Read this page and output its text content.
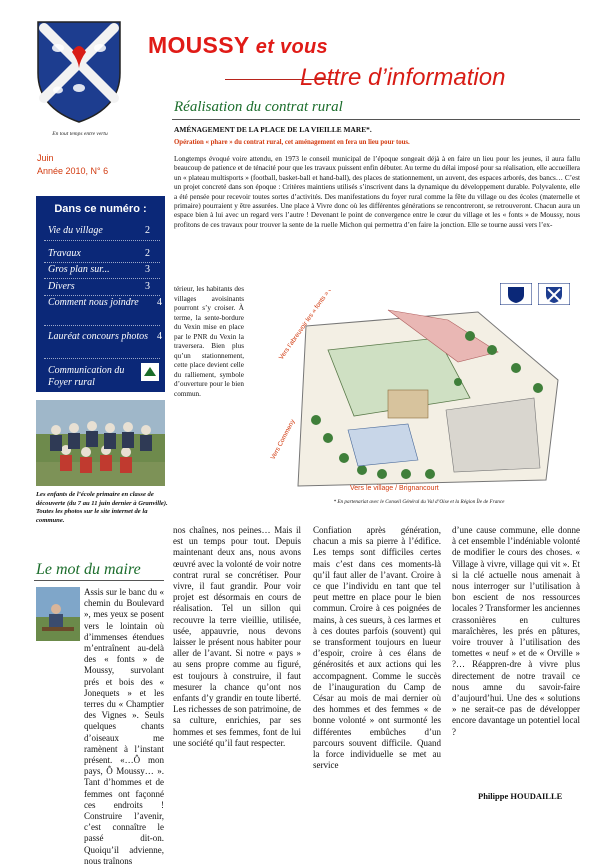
En tout temps entre vertu
MOUSSY et vous
Lettre d’information
Juin
Année 2010, N° 6
Dans ce numéro :
Vie du village	2
Travaux	2
Gros plan sur...	3
Divers	3
Comment nous joindre 4
Lauréat concours photos 4
Communication du Foyer rural
Les enfants de l’école primaire en classe de découverte (du 7 au 11 juin dernier à Granville). Toutes les photos sur le site internet de la commune.
Réalisation du contrat rural
AMÉNAGEMENT DE LA PLACE DE LA VIEILLE MARE*.
Opération « phare » du contrat rural, cet aménagement en fera un lieu pour tous.
Longtemps évoqué voire attendu, en 1973 le conseil municipal de l’époque songeait déjà à en faire un lieu pour les jeunes, il aura fallu beaucoup de patience et de ténacité pour que les travaux puissent enfin débuter. Au terme du délai imposé pour sa réalisation, elle accueillera un « plateau multisports » (football, basket-ball et hand-ball), des places de stationnement, un auvent, des espaces arborés, des bancs… C’est un projet concreté dans son époque : Critères maintiens utilisés s’inscrivent dans la dynamique du développement durable. Polyvalente, elle a été pensée pour recevoir toutes sortes d’activités. Des manifestations du foyer rural comme la fête du village ou des écoles (maternelle et primaire) pourraient y être assurées. Une place à Vivre donc où les différentes générations se rencontreront, se retrouveront. Chacun aura un espace bien à lui avec un regard vers l’autre ! Devenant le point de convergence entre le cœur du village et les « fonts » de Moussy, nous profitons de ces travaux pour trouver la sente de la ruelle Michon qui permettra d’en faire la jonction. Elle se tourne aussi vers l’ex-
térieur, les habitants des villages avoisinants pourront s’y croiser. À terme, la sente-bordure du Vexin mise en place par le PNR du Vexin la traversera. Bien plus qu’un stationnement, cette place devient celle du ralliement, symbole d’ouverture pour le bien commun.
Vers l’abreuvoir les « fonts »
Vers Commeny
Vers le village / Brignancourt
* En partenariat avec le Conseil Général du Val d’Oise et la Région Île de France
Le mot du maire
Assis sur le banc du « chemin du Boulevard », mes yeux se posent vers le lointain où d’immenses étendues m’entraînent au-delà des « fonts » de Moussy, survolant prés et bois des « Jonequets » et les terres du « Champtier des Vignes ». Seuls quelques chants d’oiseaux me ramènent à l’instant présent. «…Ô mon pays, Ô Moussy… ». Tant d’hommes et de femmes ont façonné ces endroits ! Construire l’avenir, c’est connaître le passé dit-on. Quoiqu’il advienne, nous traînons
nos chaînes, nos peines… Mais il est un temps pour tout. Depuis maintenant deux ans, nous avons œuvré avec la volonté de voir notre contrat rural se concrétiser. Pour vivre, il faut grandir. Pour voir projet est désormais en cours de réalisation. Tel un sillon qui recouvre la terre vieillie, utilisée, usée, appauvrie, nous devons laisser le présent nous habiter pour aller de l’avant. Si notre « pays » au sens propre comme au figuré, est toujours à construire, il faut mesurer la chance qu’ont nos enfants d’y grandir en toute liberté. Les richesses de son patrimoine, de sa culture, enrichies, par ses hommes et ses femmes, font de lui une société qu’il faut respecter.
Confiation après génération, chacun a mis sa pierre à l’édifice. Les temps sont difficiles certes mais c’est dans ces moments-là qu’il faut aller de l’avant. Croire à ce que l’individu en tant que tel peut mettre en place pour le bien commun. Croire à ces poignées de mains, à ces sueurs, à ces larmes et à ces doutes parfois (souvent) qui se transforment toujours en lueur d’espoir, croire à ces élans de générosités et aux actions qui les accompagnent. Comme le succès de l’inauguration du Camp de César au mois de mai dernier où des hommes et des femmes « de bonne volonté » ont surmonté les différentes embûches d’un parcours souvent difficile. Quand la force individuelle se met au service
d’une cause commune, elle donne à cet ensemble l’indéniable volonté de modifier le cours des choses. « Village à vivre, village qui vit ». Et si la clé actuelle nous amenait à nous interroger sur l’utilisation à bon escient de nos ressources locales ? Transformer les anciennes crassonières en cultures maraîchères, les prés en pâtures, voire trouver à l’utilisation des tomettes « neuf » et de « Orville » ?… Réappren-dre à vivre plus directement de notre travail ce nous amne du savoir-faire d’aujourd’hui. Une des « solutions » ne serait-ce pas de développer encore davantage un potentiel local ?
Philippe HOUDAILLE
